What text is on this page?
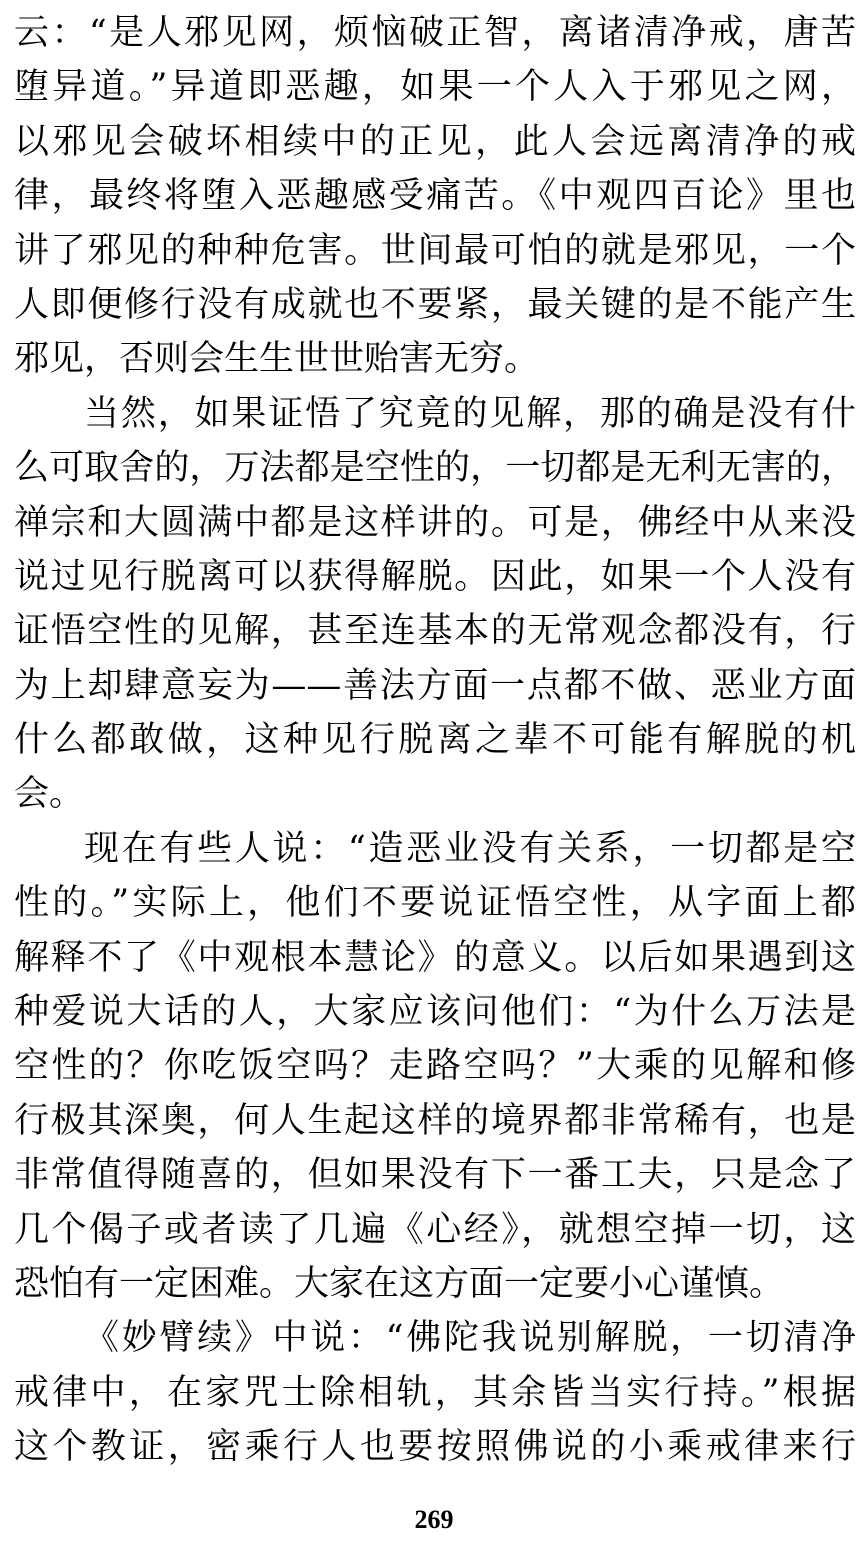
云：“是人邪见网，烦恼破正智，离诸清净戒，唐苦
堕异道。”异道即恶趣，如果一个人入于邪见之网，
以邪见会破坏相续中的正见，此人会远离清净的戒
律，最终将堕入恶趣感受痛苦。《中观四百论》里也
讲了邪见的种种危害。世间最可怕的就是邪见，一个
人即便修行没有成就也不要紧，最关键的是不能产生
邪见，否则会生生世世贻害无穷。
当然，如果证悟了究竟的见解，那的确是没有什
么可取舍的，万法都是空性的，一切都是无利无害的，
禅宗和大圆满中都是这样讲的。可是，佛经中从来没
说过见行脱离可以获得解脱。因此，如果一个人没有
证悟空性的见解，甚至连基本的无常观念都没有，行
为上却肆意妄为——善法方面一点都不做、恶业方面
什么都敢做，这种见行脱离之辈不可能有解脱的机
会。
现在有些人说：“造恶业没有关系，一切都是空
性的。”实际上，他们不要说证悟空性，从字面上都
解释不了《中观根本慧论》的意义。以后如果遇到这
种爱说大话的人，大家应该问他们：“为什么万法是
空性的？你吃饭空吗？走路空吗？”大乘的见解和修
行极其深奥，何人生起这样的境界都非常稀有，也是
非常值得随喜的，但如果没有下一番工夫，只是念了
几个偈子或者读了几遍《心经》，就想空掉一切，这
恐怕有一定困难。大家在这方面一定要小心谨慎。
《妙臂续》中说：“佛陀我说别解脱，一切清净
戒律中，在家咒士除相轨，其余皆当实行持。”根据
这个教证，密乘行人也要按照佛说的小乘戒律来行
269
